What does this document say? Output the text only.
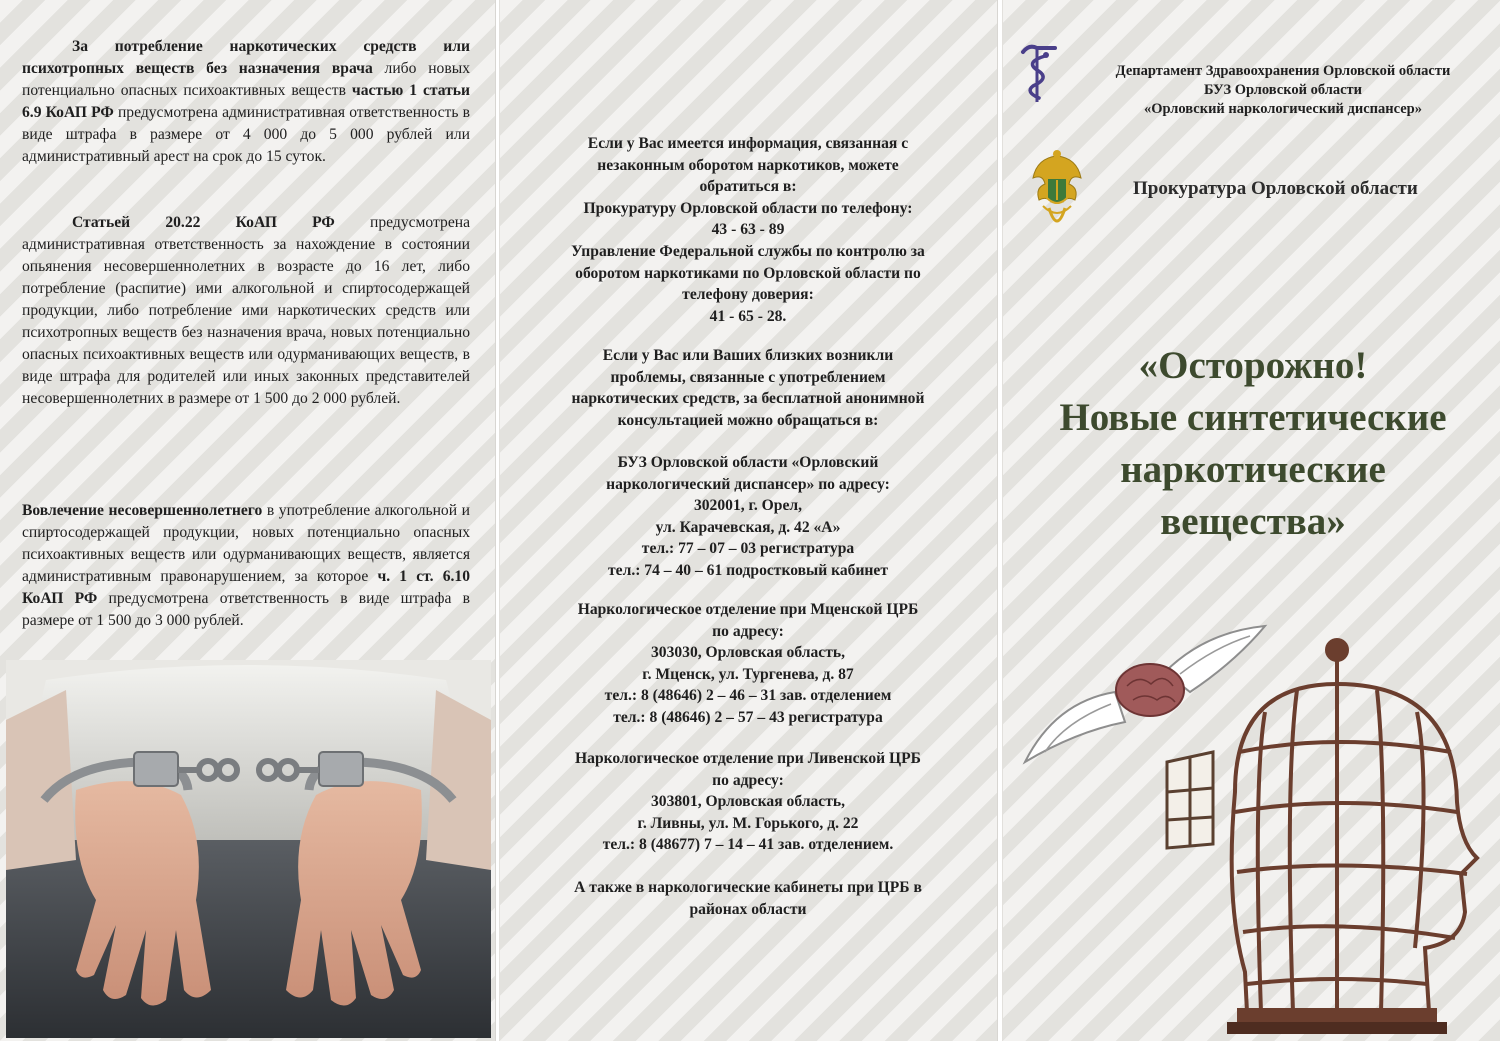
За потребление наркотических средств или психотропных веществ без назначения врача либо новых потенциально опасных психоактивных веществ частью 1 статьи 6.9 КоАП РФ предусмотрена административная ответственность в виде штрафа в размере от 4 000 до 5 000 рублей или административный арест на срок до 15 суток.

Статьей 20.22 КоАП РФ предусмотрена административная ответственность за нахождение в состоянии опьянения несовершеннолетних в возрасте до 16 лет, либо потребление (распитие) ими алкогольной и спиртосодержащей продукции, либо потребление ими наркотических средств или психотропных веществ без назначения врача, новых потенциально опасных психоактивных веществ или одурманивающих веществ, в виде штрафа для родителей или иных законных представителей несовершеннолетних в размере от 1 500 до 2 000 рублей.

Вовлечение несовершеннолетнего в употребление алкогольной и спиртосодержащей продукции, новых потенциально опасных психоактивных веществ или одурманивающих веществ, является административным правонарушением, за которое ч. 1 ст. 6.10 КоАП РФ предусмотрена ответственность в виде штрафа в размере от 1 500 до 3 000 рублей.

Если у Вас имеется информация, связанная с
незаконным оборотом наркотиков, можете
обратиться в:
Прокуратуру Орловской области по телефону:
43 - 63 - 89
Управление Федеральной службы по контролю за
оборотом наркотиками по Орловской области по
телефону доверия:
41 - 65 - 28.
Если у Вас или Ваших близких возникли
проблемы, связанные с употреблением
наркотических средств, за бесплатной анонимной
консультацией можно обращаться в:
БУЗ Орловской области «Орловский
наркологический диспансер» по адресу:
302001, г. Орел,
ул. Карачевская, д. 42 «А»
тел.: 77 – 07 – 03 регистратура
тел.: 74 – 40 – 61 подростковый кабинет
Наркологическое отделение при Мценской ЦРБ
по адресу:
303030, Орловская область,
г. Мценск, ул. Тургенева, д. 87
тел.: 8 (48646) 2 – 46 – 31 зав. отделением
тел.: 8 (48646) 2 – 57 – 43 регистратура
Наркологическое отделение при Ливенской ЦРБ
по адресу:
303801, Орловская область,
г. Ливны, ул. М. Горького, д. 22
тел.: 8 (48677) 7 – 14 – 41 зав. отделением.
А также в наркологические кабинеты при ЦРБ в
районах области
Департамент Здравоохранения Орловской области
БУЗ Орловской области
«Орловский наркологический диспансер»
Прокуратура Орловской области
«Осторожно!
Новые синтетические
наркотические
вещества»
